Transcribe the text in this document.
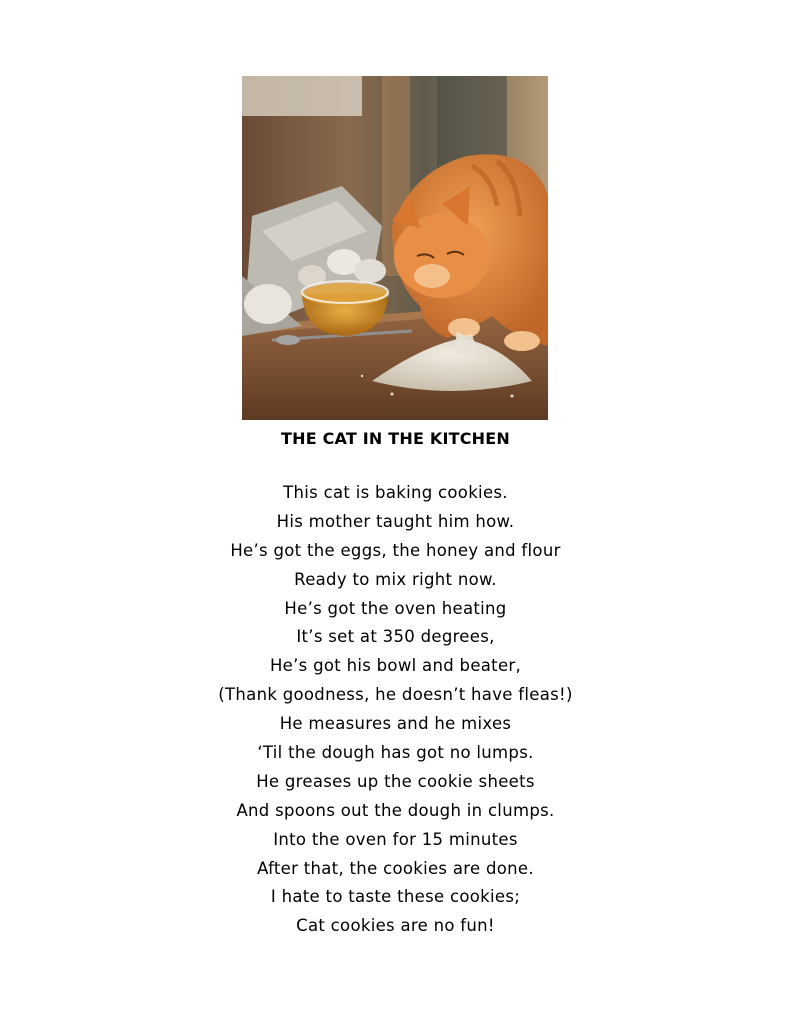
THE CAT IN THE KITCHEN
This cat is baking cookies.
His mother taught him how.
He’s got the eggs, the honey and flour
Ready to mix right now.
He’s got the oven heating
It’s set at 350 degrees,
He’s got his bowl and beater,
(Thank goodness, he doesn’t have fleas!)
He measures and he mixes
‘Til the dough has got no lumps.
He greases up the cookie sheets
And spoons out the dough in clumps.
Into the oven for 15 minutes
After that, the cookies are done.
I hate to taste these cookies;
Cat cookies are no fun!
